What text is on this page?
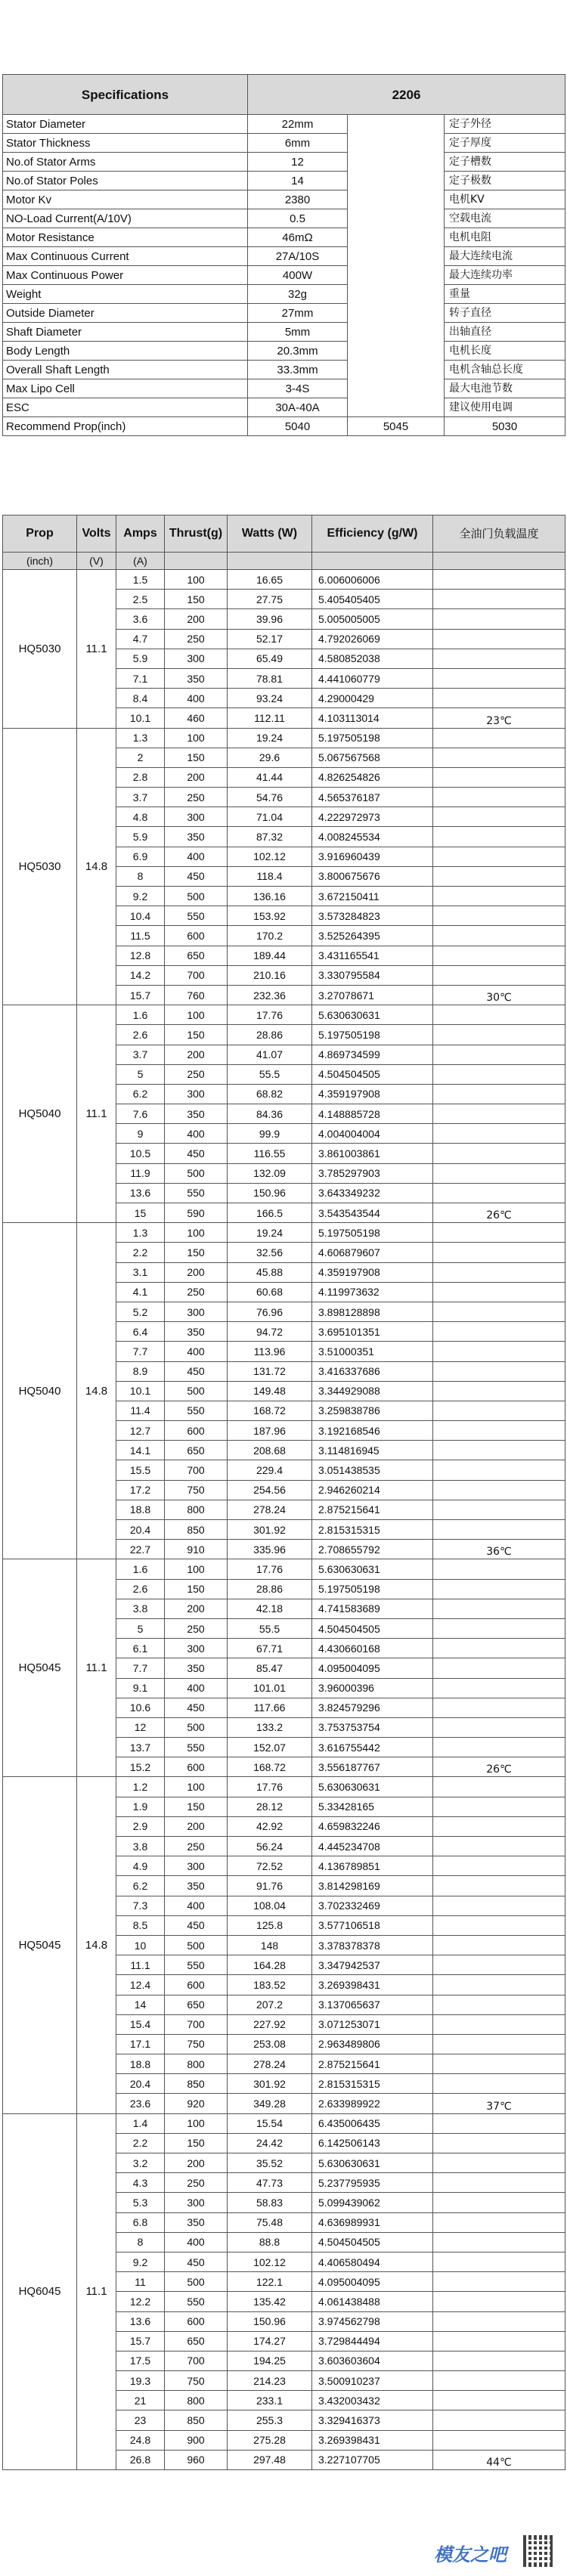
Specifications	2206			
Stator Diameter	22mm			定子外径	
Stator Thickness	6mm			定子厚度	
No.of Stator Arms	12			定子槽数	
No.of Stator Poles	14			定子极数	
Motor Kv	2380			电机KV	
NO-Load Current(A/10V)	0.5			空载电流	
Motor Resistance	46mΩ			电机电阻	
Max Continuous Current	27A/10S			最大连续电流	
Max Continuous Power	400W			最大连续功率	
Weight	32g			重量	
Outside Diameter	27mm			转子直径	
Shaft Diameter	5mm			出轴直径	
Body Length	20.3mm			电机长度	
Overall Shaft Length	33.3mm			电机含轴总长度	
Max Lipo Cell	3-4S			最大电池节数	
ESC	30A-40A			建议使用电调	
Recommend Prop(inch)	5040	5045	5030	
Prop	Volts	Amps	Thrust(g)	Watts (W)	Efficiency (g/W)	全油门负载温度
(inch)	(V)	(A)				
HQ5030	11.1	1.5	100	16.65	6.006006006	
		2.5	150	27.75	5.405405405	
		3.6	200	39.96	5.005005005	
		4.7	250	52.17	4.792026069	
		5.9	300	65.49	4.580852038	
		7.1	350	78.81	4.441060779	
		8.4	400	93.24	4.29000429	
		10.1	460	112.11	4.103113014	23℃
HQ5030	14.8	1.3	100	19.24	5.197505198	
		2	150	29.6	5.067567568	
		2.8	200	41.44	4.826254826	
		3.7	250	54.76	4.565376187	
		4.8	300	71.04	4.222972973	
		5.9	350	87.32	4.008245534	
		6.9	400	102.12	3.916960439	
		8	450	118.4	3.800675676	
		9.2	500	136.16	3.672150411	
		10.4	550	153.92	3.573284823	
		11.5	600	170.2	3.525264395	
		12.8	650	189.44	3.431165541	
		14.2	700	210.16	3.330795584	
		15.7	760	232.36	3.27078671	30℃
HQ5040	11.1	1.6	100	17.76	5.630630631	
		2.6	150	28.86	5.197505198	
		3.7	200	41.07	4.869734599	
		5	250	55.5	4.504504505	
		6.2	300	68.82	4.359197908	
		7.6	350	84.36	4.148885728	
		9	400	99.9	4.004004004	
		10.5	450	116.55	3.861003861	
		11.9	500	132.09	3.785297903	
		13.6	550	150.96	3.643349232	
		15	590	166.5	3.543543544	26℃
HQ5040	14.8	1.3	100	19.24	5.197505198	
		2.2	150	32.56	4.606879607	
		3.1	200	45.88	4.359197908	
		4.1	250	60.68	4.119973632	
		5.2	300	76.96	3.898128898	
		6.4	350	94.72	3.695101351	
		7.7	400	113.96	3.51000351	
		8.9	450	131.72	3.416337686	
		10.1	500	149.48	3.344929088	
		11.4	550	168.72	3.259838786	
		12.7	600	187.96	3.192168546	
		14.1	650	208.68	3.114816945	
		15.5	700	229.4	3.051438535	
		17.2	750	254.56	2.946260214	
		18.8	800	278.24	2.875215641	
		20.4	850	301.92	2.815315315	
		22.7	910	335.96	2.708655792	36℃
HQ5045	11.1	1.6	100	17.76	5.630630631	
		2.6	150	28.86	5.197505198	
		3.8	200	42.18	4.741583689	
		5	250	55.5	4.504504505	
		6.1	300	67.71	4.430660168	
		7.7	350	85.47	4.095004095	
		9.1	400	101.01	3.96000396	
		10.6	450	117.66	3.824579296	
		12	500	133.2	3.753753754	
		13.7	550	152.07	3.616755442	
		15.2	600	168.72	3.556187767	26℃
HQ5045	14.8	1.2	100	17.76	5.630630631	
		1.9	150	28.12	5.33428165	
		2.9	200	42.92	4.659832246	
		3.8	250	56.24	4.445234708	
		4.9	300	72.52	4.136789851	
		6.2	350	91.76	3.814298169	
		7.3	400	108.04	3.702332469	
		8.5	450	125.8	3.577106518	
		10	500	148	3.378378378	
		11.1	550	164.28	3.347942537	
		12.4	600	183.52	3.269398431	
		14	650	207.2	3.137065637	
		15.4	700	227.92	3.071253071	
		17.1	750	253.08	2.963489806	
		18.8	800	278.24	2.875215641	
		20.4	850	301.92	2.815315315	
		23.6	920	349.28	2.633989922	37℃
HQ6045	11.1	1.4	100	15.54	6.435006435	
		2.2	150	24.42	6.142506143	
		3.2	200	35.52	5.630630631	
		4.3	250	47.73	5.237795935	
		5.3	300	58.83	5.099439062	
		6.8	350	75.48	4.636989931	
		8	400	88.8	4.504504505	
		9.2	450	102.12	4.406580494	
		11	500	122.1	4.095004095	
		12.2	550	135.42	4.061438488	
		13.6	600	150.96	3.974562798	
		15.7	650	174.27	3.729844494	
		17.5	700	194.25	3.603603604	
		19.3	750	214.23	3.500910237	
		21	800	233.1	3.432003432	
		23	850	255.3	3.329416373	
		24.8	900	275.28	3.269398431	
		26.8	960	297.48	3.227107705	44℃
模友之吧
